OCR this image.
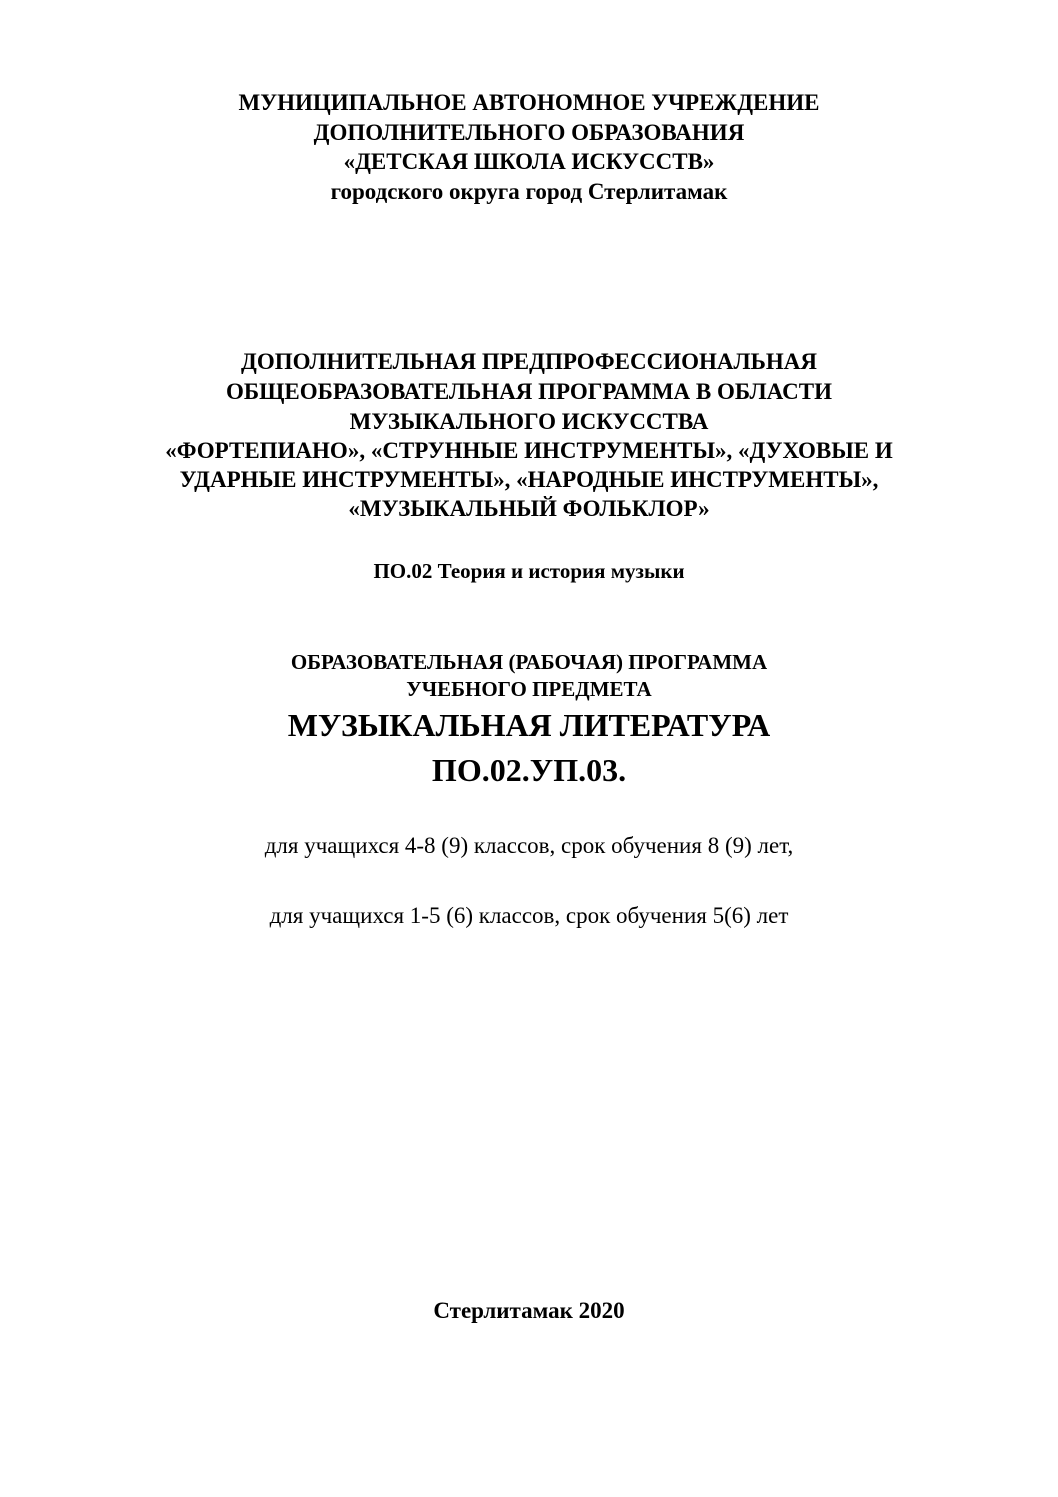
МУНИЦИПАЛЬНОЕ АВТОНОМНОЕ УЧРЕЖДЕНИЕ
ДОПОЛНИТЕЛЬНОГО ОБРАЗОВАНИЯ
«ДЕТСКАЯ ШКОЛА ИСКУССТВ»
городского округа город Стерлитамак
ДОПОЛНИТЕЛЬНАЯ ПРЕДПРОФЕССИОНАЛЬНАЯ
ОБЩЕОБРАЗОВАТЕЛЬНАЯ ПРОГРАММА В ОБЛАСТИ
МУЗЫКАЛЬНОГО ИСКУССТВА
«ФОРТЕПИАНО», «СТРУННЫЕ ИНСТРУМЕНТЫ», «ДУХОВЫЕ И
УДАРНЫЕ ИНСТРУМЕНТЫ», «НАРОДНЫЕ ИНСТРУМЕНТЫ»,
«МУЗЫКАЛЬНЫЙ ФОЛЬКЛОР»
ПО.02 Теория и история музыки
ОБРАЗОВАТЕЛЬНАЯ (РАБОЧАЯ) ПРОГРАММА
УЧЕБНОГО ПРЕДМЕТА
МУЗЫКАЛЬНАЯ ЛИТЕРАТУРА
ПО.02.УП.03.
для учащихся 4-8 (9) классов, срок обучения 8 (9) лет,
для учащихся 1-5 (6) классов, срок обучения 5(6) лет
Стерлитамак 2020
